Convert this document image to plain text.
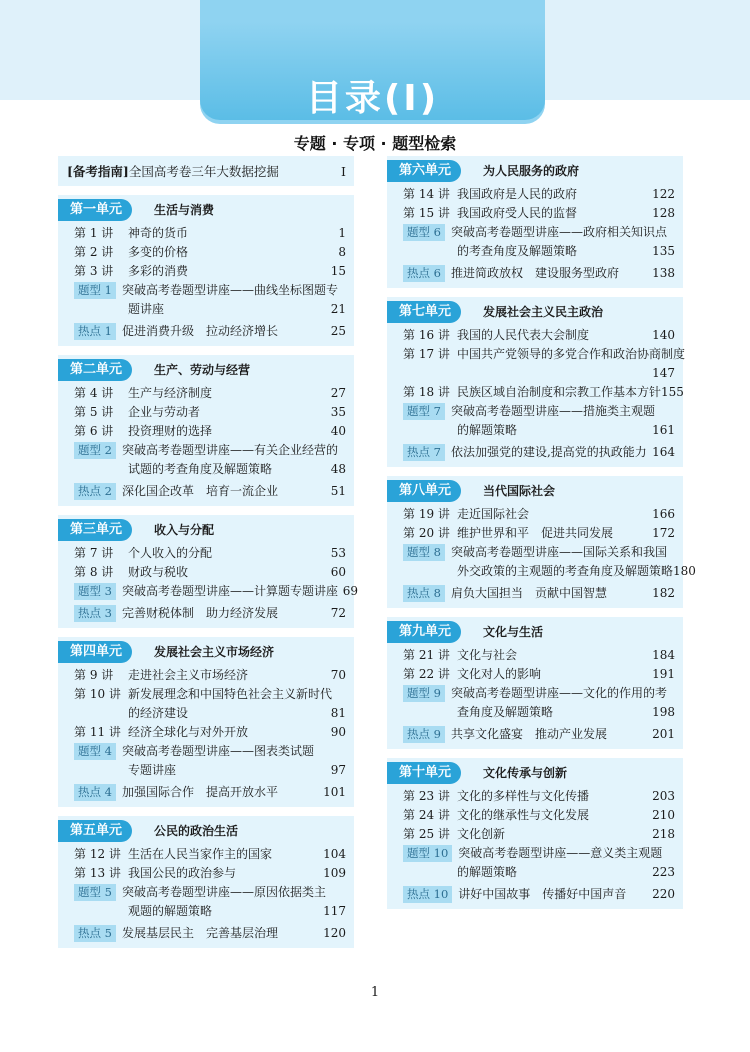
目录(Ⅰ)
专题 · 专项 · 题型检索
[备考指南] 全国高考卷三年大数据挖掘	Ⅰ
第一单元	生活与消费
第 1 讲	神奇的货币	1
第 2 讲	多变的价格	8
第 3 讲	多彩的消费	15
题型 1 突破高考卷题型讲座——曲线坐标图题专
题讲座	21
热点 1 促进消费升级　拉动经济增长	25
第二单元	生产、劳动与经营
第 4 讲	生产与经济制度	27
第 5 讲	企业与劳动者	35
第 6 讲	投资理财的选择	40
题型 2 突破高考卷题型讲座——有关企业经营的
试题的考查角度及解题策略	48
热点 2 深化国企改革　培育一流企业	51
第三单元	收入与分配
第 7 讲	个人收入的分配	53
第 8 讲	财政与税收	60
题型 3 突破高考卷题型讲座——计算题专题讲座 69
热点 3 完善财税体制　助力经济发展	72
第四单元	发展社会主义市场经济
第 9 讲	走进社会主义市场经济	70
第 10 讲 新发展理念和中国特色社会主义新时代
的经济建设	81
第 11 讲 经济全球化与对外开放	90
题型 4 突破高考卷题型讲座——图表类试题
专题讲座	97
热点 4 加强国际合作　提高开放水平	101
第五单元	公民的政治生活
第 12 讲 生活在人民当家作主的国家	104
第 13 讲 我国公民的政治参与	109
题型 5 突破高考卷题型讲座——原因依据类主
观题的解题策略	117
热点 5 发展基层民主　完善基层治理	120
第六单元	为人民服务的政府
第 14 讲 我国政府是人民的政府	122
第 15 讲 我国政府受人民的监督	128
题型 6 突破高考卷题型讲座——政府相关知识点
的考查角度及解题策略	135
热点 6 推进简政放权　建设服务型政府	138
第七单元	发展社会主义民主政治
第 16 讲 我国的人民代表大会制度	140
第 17 讲 中国共产党领导的多党合作和政治协商制度
147
第 18 讲 民族区域自治制度和宗教工作基本方针 155
题型 7 突破高考卷题型讲座——措施类主观题
的解题策略	161
热点 7 依法加强党的建设,提高党的执政能力 164
第八单元	当代国际社会
第 19 讲 走近国际社会	166
第 20 讲 维护世界和平　促进共同发展	172
题型 8 突破高考卷题型讲座——国际关系和我国
外交政策的主观题的考查角度及解题策略 180
热点 8 肩负大国担当　贡献中国智慧	182
第九单元	文化与生活
第 21 讲 文化与社会	184
第 22 讲 文化对人的影响	191
题型 9 突破高考卷题型讲座——文化的作用的考
查角度及解题策略	198
热点 9 共享文化盛宴　推动产业发展	201
第十单元	文化传承与创新
第 23 讲 文化的多样性与文化传播	203
第 24 讲 文化的继承性与文化发展	210
第 25 讲 文化创新	218
题型 10 突破高考卷题型讲座——意义类主观题
的解题策略	223
热点 10 讲好中国故事　传播好中国声音	220
1
